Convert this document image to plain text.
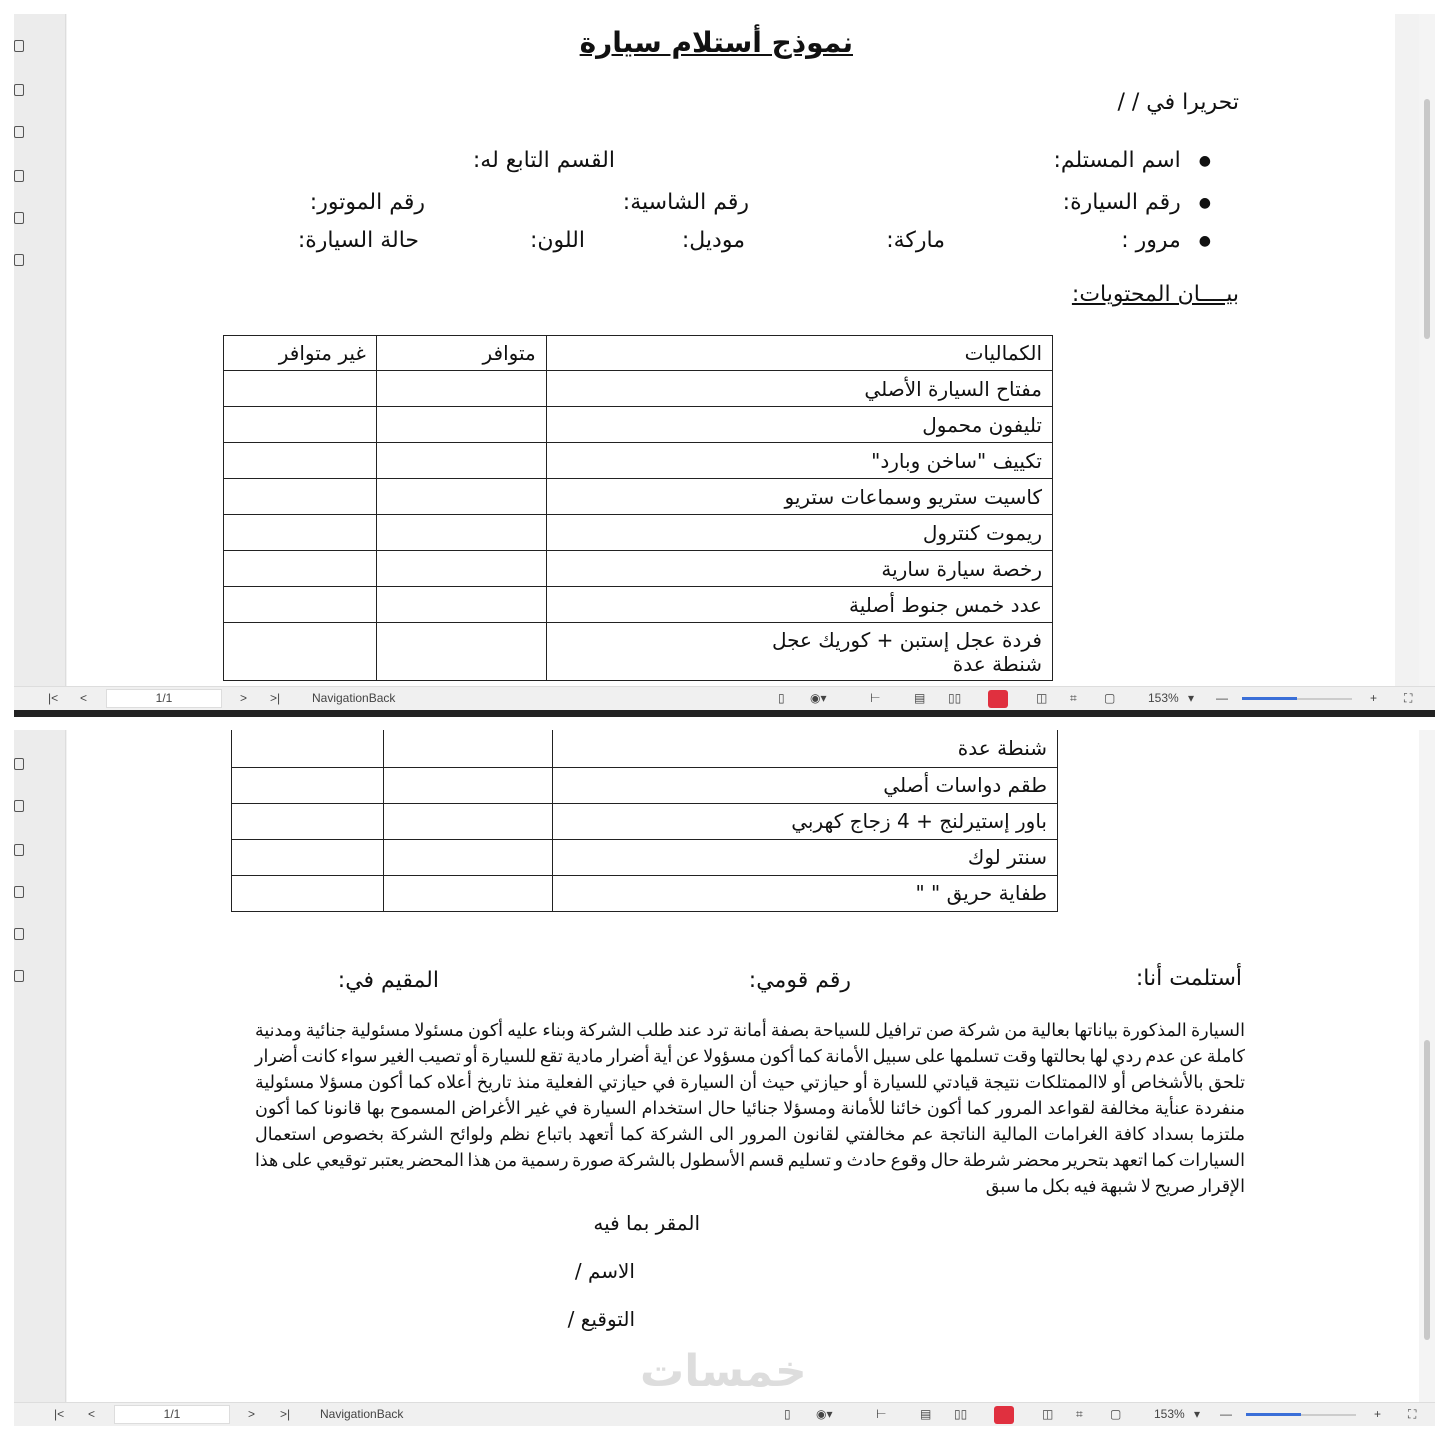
|< <	1/1	> >|	NavigationBack	▯ ◉▾	⊢	▤ ▯▯	◫ ⌗ ▢	153% ▾ —	+ ⛶
نموذج أستلام سيارة
تحريرا في / /
● اسم المستلم:
القسم التابع له:
● رقم السيارة:
رقم الشاسية:
رقم الموتور:
● مرور :
ماركة:
موديل:
اللون:
حالة السيارة:
بيــــان المحتويات:
الكماليات	متوافر	غير متوافر
مفتاح السيارة الأصلي		
تليفون محمول		
تكييف "ساخن وبارد"		
كاسيت ستريو وسماعات ستريو		
ريموت كنترول		
رخصة سيارة سارية		
عدد خمس جنوط أصلية		

فردة عجل إستبن + كوريك عجل
شنطة عدة		

|< <	1/1	> >| NavigationBack	▯ ◉▾	⊢	▤ ▯▯	◫ ⌗ ▢	153% ▾ —	+ ⛶
شنطة عدة		
طقم دواسات أصلي		
باور إستيرلنج + 4 زجاج كهربي		
سنتر لوك		
طفاية حريق " "		
أستلمت أنا:
رقم قومي:
المقيم في:
السيارة المذكورة بياناتها بعالية من شركة صن ترافيل للسياحة بصفة أمانة ترد عند طلب الشركة وبناء عليه أكون مسئولا مسئولية جنائية ومدنية كاملة عن عدم ردي لها بحالتها وقت تسلمها على سبيل الأمانة كما أكون مسؤولا عن أية أضرار مادية تقع للسيارة أو تصيب الغير سواء كانت أضرار تلحق بالأشخاص أو لاالممتلكات نتيجة قيادتي للسيارة أو حيازتي حيث أن السيارة في حيازتي الفعلية منذ تاريخ أعلاه كما أكون مسؤلا مسئولية منفردة عنأية مخالفة لقواعد المرور كما أكون خائنا للأمانة ومسؤلا جنائيا حال استخدام السيارة في غير الأغراض المسموح بها قانونا كما أكون ملتزما بسداد كافة الغرامات المالية الناتجة عم مخالفتي لقانون المرور الى الشركة كما أتعهد باتباع نظم ولوائح الشركة بخصوص استعمال السيارات كما اتعهد بتحرير محضر شرطة حال وقوع حادث و تسليم قسم الأسطول بالشركة صورة رسمية من هذا المحضر يعتبر توقيعي على هذا الإقرار صريح لا شبهة فيه بكل ما سبق
المقر بما فيه
الاسم /
التوقيع /
خمسات
